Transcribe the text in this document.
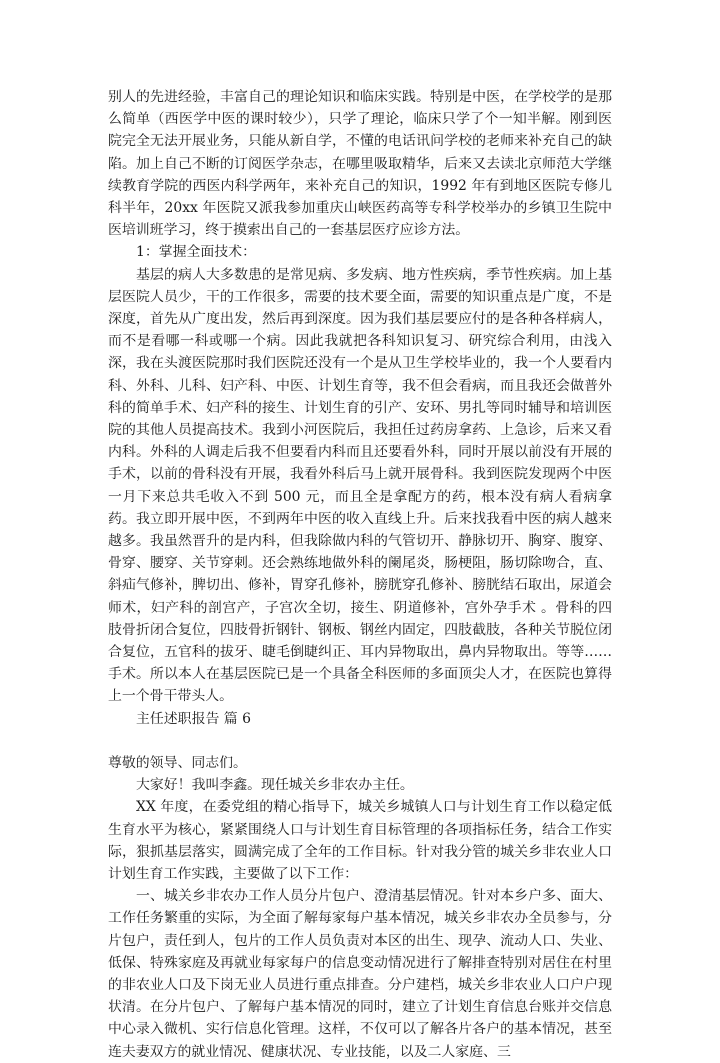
别人的先进经验，丰富自己的理论知识和临床实践。特别是中医，在学校学的是那么简单（西医学中医的课时较少），只学了理论，临床只学了个一知半解。刚到医院完全无法开展业务，只能从新自学，不懂的电话讯问学校的老师来补充自己的缺陷。加上自己不断的订阅医学杂志，在哪里吸取精华，后来又去读北京师范大学继续教育学院的西医内科学两年，来补充自己的知识，1992 年有到地区医院专修儿科半年，20xx 年医院又派我参加重庆山峡医药高等专科学校举办的乡镇卫生院中医培训班学习，终于摸索出自己的一套基层医疗应诊方法。

1：掌握全面技术：

基层的病人大多数患的是常见病、多发病、地方性疾病，季节性疾病。加上基层医院人员少，干的工作很多，需要的技术要全面，需要的知识重点是广度，不是深度，首先从广度出发，然后再到深度。因为我们基层要应付的是各种各样病人，而不是看哪一科或哪一个病。因此我就把各科知识复习、研究综合利用，由浅入深，我在头渡医院那时我们医院还没有一个是从卫生学校毕业的，我一个人要看内科、外科、儿科、妇产科、中医、计划生育等，我不但会看病，而且我还会做普外科的简单手术、妇产科的接生、计划生育的引产、安环、男扎等同时辅导和培训医院的其他人员提高技术。我到小河医院后，我担任过药房拿药、上急诊，后来又看内科。外科的人调走后我不但要看内科而且还要看外科，同时开展以前没有开展的手术，以前的骨科没有开展，我看外科后马上就开展骨科。我到医院发现两个中医一月下来总共毛收入不到 500 元，而且全是拿配方的药，根本没有病人看病拿药。我立即开展中医，不到两年中医的收入直线上升。后来找我看中医的病人越来越多。我虽然晋升的是内科，但我除做内科的气管切开、静脉切开、胸穿、腹穿、骨穿、腰穿、关节穿刺。还会熟练地做外科的阑尾炎，肠梗阻，肠切除吻合，直、斜疝气修补，脾切出、修补，胃穿孔修补，膀胱穿孔修补、膀胱结石取出，尿道会师术，妇产科的剖宫产，子宫次全切，接生、阴道修补，宫外孕手术 。骨科的四肢骨折闭合复位，四肢骨折钢针、钢板、钢丝内固定，四肢截肢，各种关节脱位闭合复位，五官科的拔牙、睫毛倒睫纠正、耳内异物取出，鼻内异物取出。等等……手术。所以本人在基层医院已是一个具备全科医师的多面顶尖人才，在医院也算得上一个骨干带头人。

主任述职报告 篇 6

尊敬的领导、同志们。

大家好！我叫李鑫。现任城关乡非农办主任。

XX 年度，在委党组的精心指导下，城关乡城镇人口与计划生育工作以稳定低生育水平为核心，紧紧围绕人口与计划生育目标管理的各项指标任务，结合工作实际，狠抓基层落实，圆满完成了全年的工作目标。针对我分管的城关乡非农业人口计划生育工作实践，主要做了以下工作：

一、城关乡非农办工作人员分片包户、澄清基层情况。针对本乡户多、面大、工作任务繁重的实际，为全面了解每家每户基本情况，城关乡非农办全员参与，分片包户，责任到人，包片的工作人员负责对本区的出生、现孕、流动人口、失业、低保、特殊家庭及再就业每家每户的信息变动情况进行了解排查特别对居住在村里的非农业人口及下岗无业人员进行重点排查。分户建档，城关乡非农业人口户户现状清。在分片包户、了解每户基本情况的同时，建立了计划生育信息台账并交信息中心录入微机、实行信息化管理。这样，不仅可以了解各片各户的基本情况，甚至连夫妻双方的就业情况、健康状况、专业技能，以及二人家庭、三
